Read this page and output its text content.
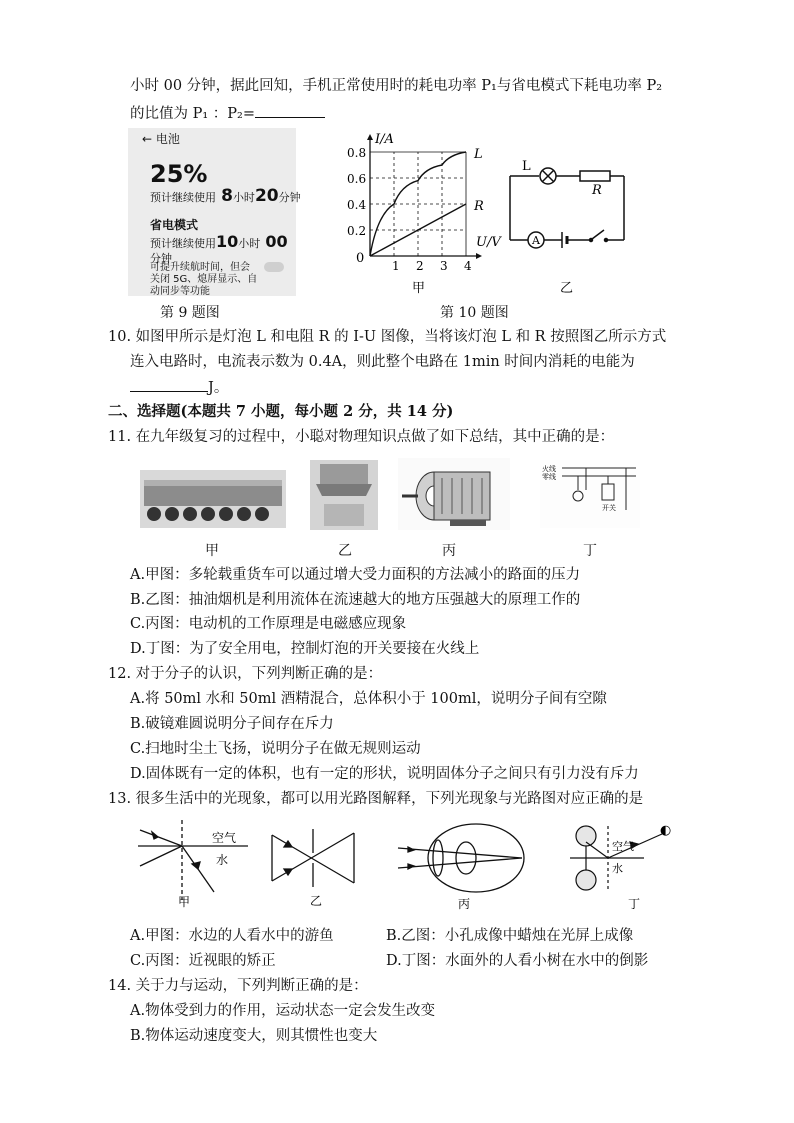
小时 00 分钟，据此回知，手机正常使用时的耗电功率 P₁与省电模式下耗电功率 P₂
的比值为 P₁ ：P₂=
← 电池
25%
预计继续使用 8小时20分钟
省电模式
预计继续使用10小时 00
分钟
可提升续航时间，但会
关闭 5G、熄屏显示、自
动同步等功能
第 9 题图
I/A
U/V
0
0.8
0.6
0.4
0.2
1 2 3 4
L
R
甲
第 10 题图
L
R
A
乙
10. 如图甲所示是灯泡 L 和电阻 R 的 I-U 图像，当将该灯泡 L 和 R 按照图乙所示方式
连入电路时，电流表示数为 0.4A，则此整个电路在 1min 时间内消耗的电能为
J。
二、选择题(本题共 7 小题，每小题 2 分，共 14 分)
11. 在九年级复习的过程中，小聪对物理知识点做了如下总结，其中正确的是：
火线
零线
开关
甲	乙	丙	丁
A.甲图：多轮载重货车可以通过增大受力面积的方法减小的路面的压力
B.乙图：抽油烟机是利用流体在流速越大的地方压强越大的原理工作的
C.丙图：电动机的工作原理是电磁感应现象
D.丁图：为了安全用电，控制灯泡的开关要接在火线上
12. 对于分子的认识，下列判断正确的是：
A.将 50ml 水和 50ml 酒精混合，总体积小于 100ml，说明分子间有空隙
B.破镜难圆说明分子间存在斥力
C.扫地时尘土飞扬，说明分子在做无规则运动
D.固体既有一定的体积，也有一定的形状，说明固体分子之间只有引力没有斥力
13. 很多生活中的光现象，都可以用光路图解释，下列光现象与光路图对应正确的是
空气
水
甲	乙	丙
空气
水
◐
丁
A.甲图：水边的人看水中的游鱼	B.乙图：小孔成像中蜡烛在光屏上成像
C.丙图：近视眼的矫正	D.丁图：水面外的人看小树在水中的倒影
14. 关于力与运动，下列判断正确的是：
A.物体受到力的作用，运动状态一定会发生改变
B.物体运动速度变大，则其惯性也变大
